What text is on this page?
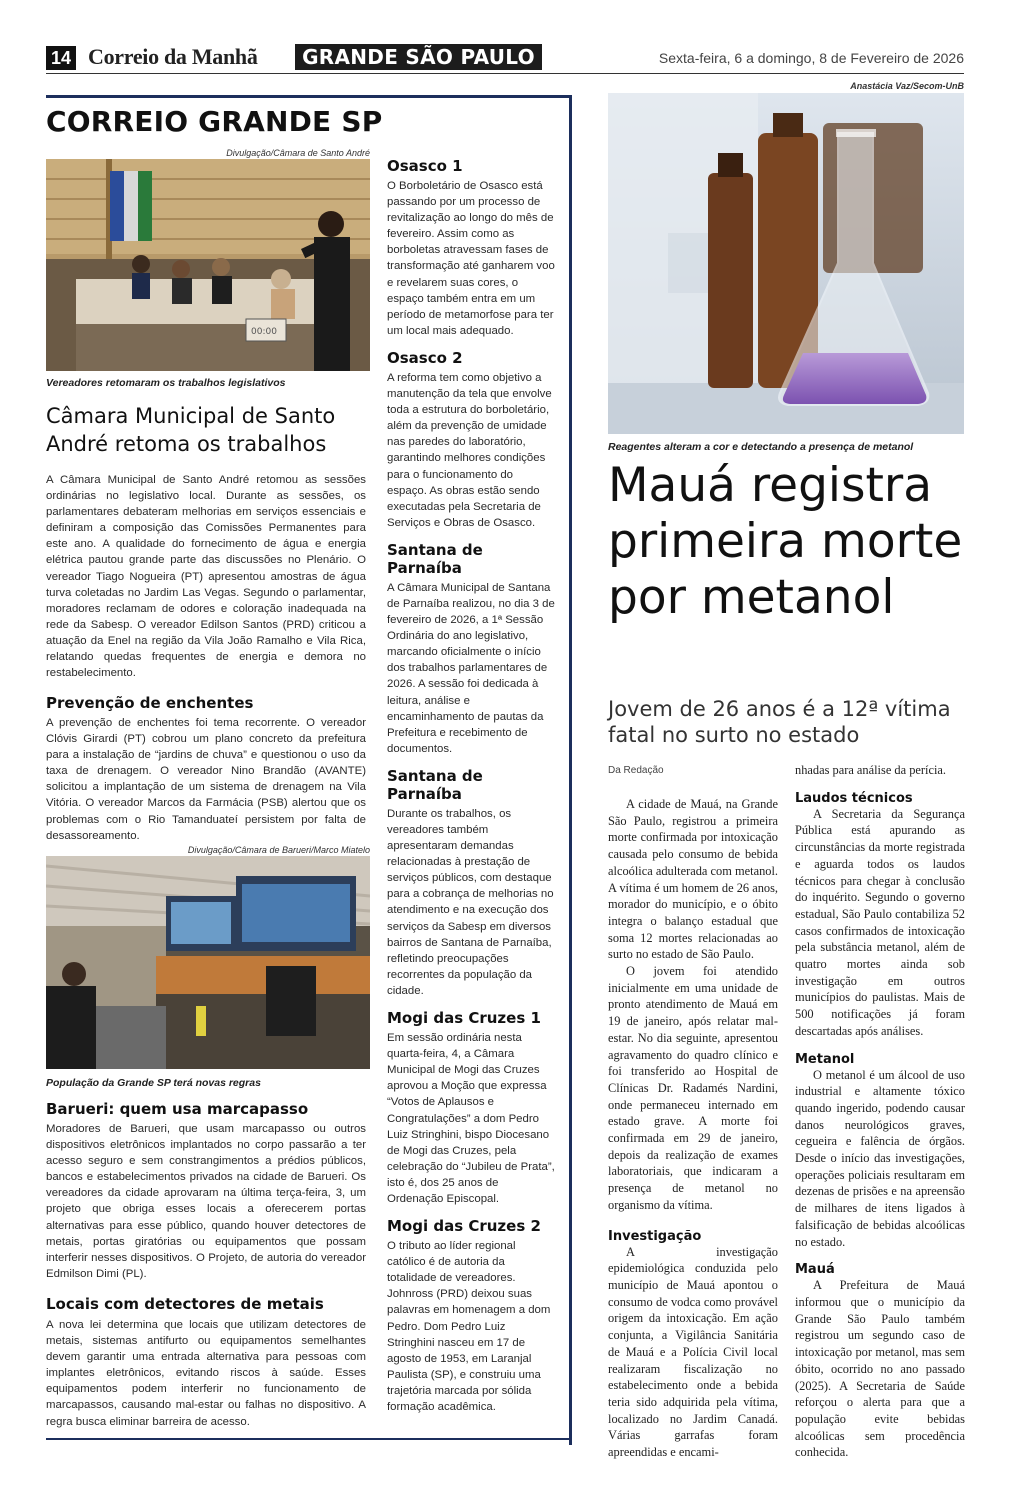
14 Correio da Manhã	GRANDE SÃO PAULO	Sexta-feira, 6 a domingo, 8 de Fevereiro de 2026
CORREIO GRANDE SP
Divulgação/Câmara de Santo André
00:00
Vereadores retomaram os trabalhos legislativos
Câmara Municipal de Santo André retoma os trabalhos
A Câmara Municipal de Santo André retomou as sessões ordinárias no legislativo local. Durante as sessões, os parlamentares debateram melhorias em serviços essenciais e definiram a composição das Comissões Permanentes para este ano. A qualidade do fornecimento de água e energia elétrica pautou grande parte das discussões no Plenário. O vereador Tiago Nogueira (PT) apresentou amostras de água turva coletadas no Jardim Las Vegas. Segundo o parlamentar, moradores reclamam de odores e coloração inadequada na rede da Sabesp. O vereador Edilson Santos (PRD) criticou a atuação da Enel na região da Vila João Ramalho e Vila Rica, relatando quedas frequentes de energia e demora no restabelecimento.
Prevenção de enchentes
A prevenção de enchentes foi tema recorrente. O vereador Clóvis Girardi (PT) cobrou um plano concreto da prefeitura para a instalação de “jardins de chuva” e questionou o uso da taxa de drenagem. O vereador Nino Brandão (AVANTE) solicitou a implantação de um sistema de drenagem na Vila Vitória. O vereador Marcos da Farmácia (PSB) alertou que os problemas com o Rio Tamanduateí persistem por falta de desassoreamento.
Divulgação/Câmara de Barueri/Marco Miatelo
População da Grande SP terá novas regras
Barueri: quem usa marcapasso
Moradores de Barueri, que usam marcapasso ou outros dispositivos eletrônicos implantados no corpo passarão a ter acesso seguro e sem constrangimentos a prédios públicos, bancos e estabelecimentos privados na cidade de Barueri. Os vereadores da cidade aprovaram na última terça-feira, 3, um projeto que obriga esses locais a oferecerem portas alternativas para esse público, quando houver detectores de metais, portas giratórias ou equipamentos que possam interferir nesses dispositivos. O Projeto, de autoria do vereador Edmilson Dimi (PL).
Locais com detectores de metais
A nova lei determina que locais que utilizam detectores de metais, sistemas antifurto ou equipamentos semelhantes devem garantir uma entrada alternativa para pessoas com implantes eletrônicos, evitando riscos à saúde. Esses equipamentos podem interferir no funcionamento de marcapassos, causando mal-estar ou falhas no dispositivo. A regra busca eliminar barreira de acesso.
Osasco 1
O Borboletário de Osasco está passando por um processo de revitalização ao longo do mês de fevereiro. Assim como as borboletas atravessam fases de transformação até ganharem voo e revelarem suas cores, o espaço também entra em um período de metamorfose para ter um local mais adequado.
Osasco 2
A reforma tem como objetivo a manutenção da tela que envolve toda a estrutura do borboletário, além da prevenção de umidade nas paredes do laboratório, garantindo melhores condições para o funcionamento do espaço. As obras estão sendo executadas pela Secretaria de Serviços e Obras de Osasco.
Santana de Parnaíba
A Câmara Municipal de Santana de Parnaíba realizou, no dia 3 de fevereiro de 2026, a 1ª Sessão Ordinária do ano legislativo, marcando oficialmente o início dos trabalhos parlamentares de 2026. A sessão foi dedicada à leitura, análise e encaminhamento de pautas da Prefeitura e recebimento de documentos.
Santana de Parnaíba
Durante os trabalhos, os vereadores também apresentaram demandas relacionadas à prestação de serviços públicos, com destaque para a cobrança de melhorias no atendimento e na execução dos serviços da Sabesp em diversos bairros de Santana de Parnaíba, refletindo preocupações recorrentes da população da cidade.
Mogi das Cruzes 1
Em sessão ordinária nesta quarta-feira, 4, a Câmara Municipal de Mogi das Cruzes aprovou a Moção que expressa “Votos de Aplausos e Congratulações” a dom Pedro Luiz Stringhini, bispo Diocesano de Mogi das Cruzes, pela celebração do “Jubileu de Prata”, isto é, dos 25 anos de Ordenação Episcopal.
Mogi das Cruzes 2
O tributo ao líder regional católico é de autoria da totalidade de vereadores. Johnross (PRD) deixou suas palavras em homenagem a dom Pedro. Dom Pedro Luiz Stringhini nasceu em 17 de agosto de 1953, em Laranjal Paulista (SP), e construiu uma trajetória marcada por sólida formação acadêmica.
Anastácia Vaz/Secom-UnB
Reagentes alteram a cor e detectando a presença de metanol
Mauá registra primeira morte por metanol
Jovem de 26 anos é a 12ª vítima fatal no surto no estado
Da Redação

A cidade de Mauá, na Grande São Paulo, registrou a primeira morte confirmada por intoxicação causada pelo consumo de bebida alcoólica adulterada com metanol. A vítima é um homem de 26 anos, morador do município, e o óbito integra o balanço estadual que soma 12 mortes relacionadas ao surto no estado de São Paulo.

O jovem foi atendido inicialmente em uma unidade de pronto atendimento de Mauá em 19 de janeiro, após relatar mal-estar. No dia seguinte, apresentou agravamento do quadro clínico e foi transferido ao Hospital de Clínicas Dr. Radamés Nardini, onde permaneceu internado em estado grave. A morte foi confirmada em 29 de janeiro, depois da realização de exames laboratoriais, que indicaram a presença de metanol no organismo da vítima.

Investigação

A investigação epidemiológica conduzida pelo município de Mauá apontou o consumo de vodca como provável origem da intoxicação. Em ação conjunta, a Vigilância Sanitária de Mauá e a Polícia Civil local realizaram fiscalização no estabelecimento onde a bebida teria sido adquirida pela vítima, localizado no Jardim Canadá. Várias garrafas foram apreendidas e encami-

nhadas para análise da perícia.

Laudos técnicos

A Secretaria da Segurança Pública está apurando as circunstâncias da morte registrada e aguarda todos os laudos técnicos para chegar à conclusão do inquérito. Segundo o governo estadual, São Paulo contabiliza 52 casos confirmados de intoxicação pela substância metanol, além de quatro mortes ainda sob investigação em outros municípios do paulistas. Mais de 500 notificações já foram descartadas após análises.

Metanol

O metanol é um álcool de uso industrial e altamente tóxico quando ingerido, podendo causar danos neurológicos graves, cegueira e falência de órgãos. Desde o início das investigações, operações policiais resultaram em dezenas de prisões e na apreensão de milhares de itens ligados à falsificação de bebidas alcoólicas no estado.

Mauá

A Prefeitura de Mauá informou que o município da Grande São Paulo também registrou um segundo caso de intoxicação por metanol, mas sem óbito, ocorrido no ano passado (2025). A Secretaria de Saúde reforçou o alerta para que a população evite bebidas alcoólicas sem procedência conhecida.
